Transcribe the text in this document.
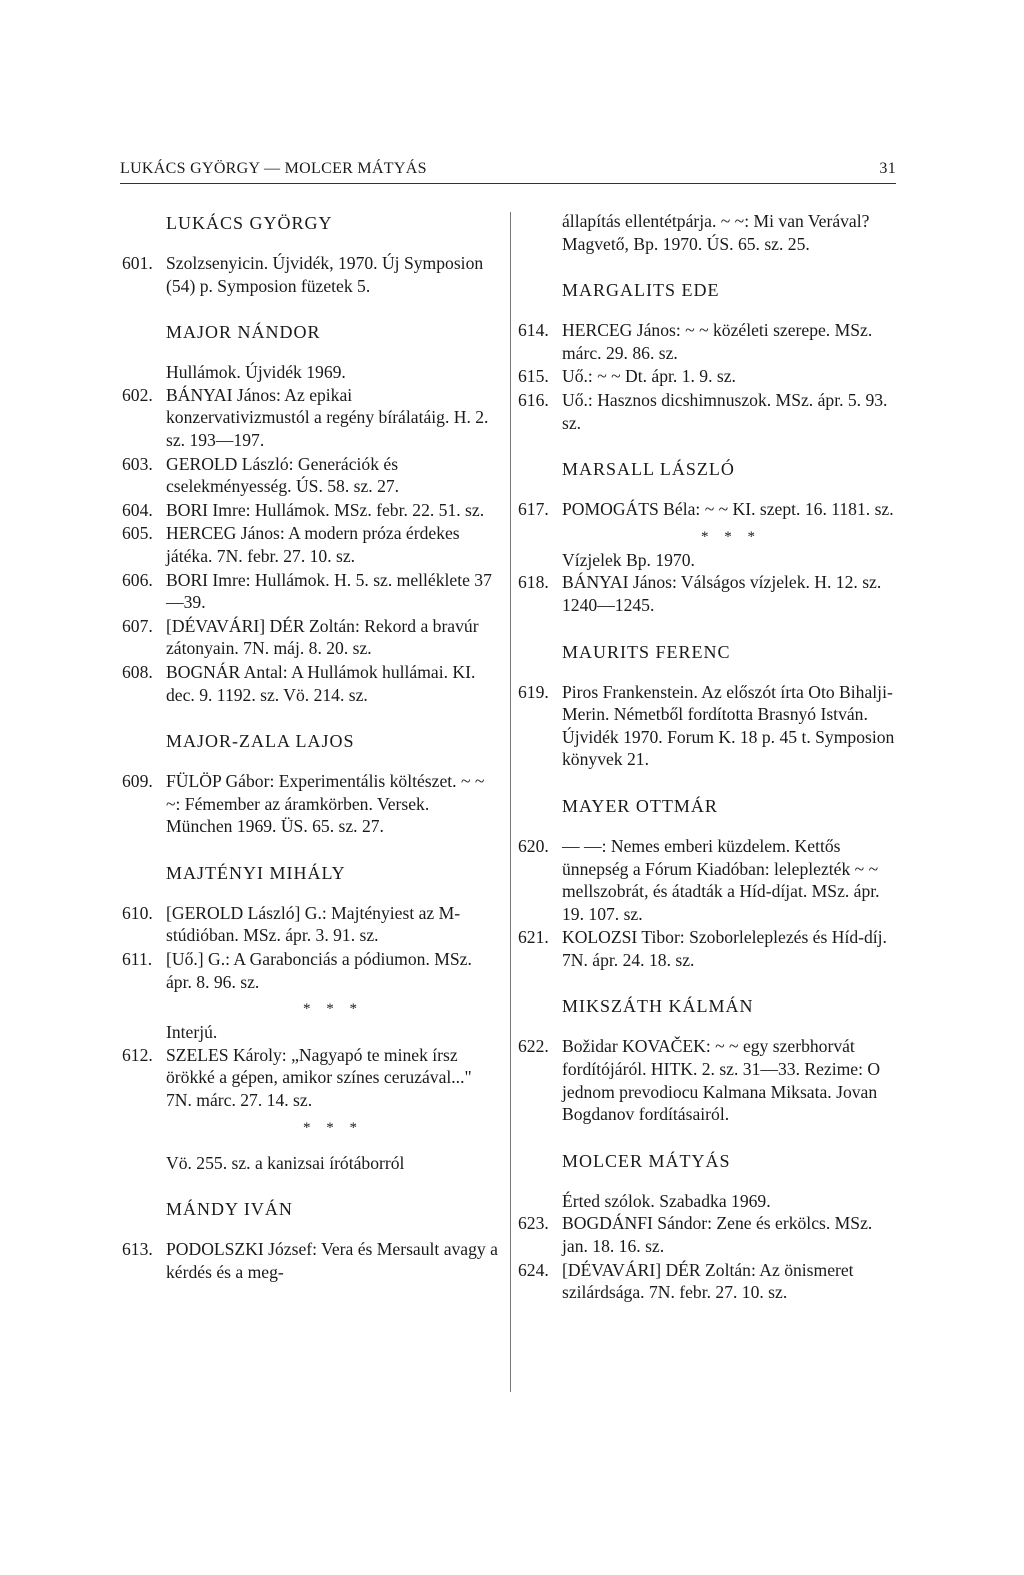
LUKÁCS GYÖRGY — MOLCER MÁTYÁS	31
LUKÁCS GYÖRGY
601. Szolzsenyicin. Újvidék, 1970. Új Symposion (54) p. Symposion füzetek 5.
MAJOR NÁNDOR
Hullámok. Újvidék 1969.
602. BÁNYAI János: Az epikai konzervativizmustól a regény bírálatáig. H. 2. sz. 193—197.
603. GEROLD László: Generációk és cselekményesség. ÚS. 58. sz. 27.
604. BORI Imre: Hullámok. MSz. febr. 22. 51. sz.
605. HERCEG János: A modern próza érdekes játéka. 7N. febr. 27. 10. sz.
606. BORI Imre: Hullámok. H. 5. sz. melléklete 37—39.
607. [DÉVAVÁRI] DÉR Zoltán: Rekord a bravúr zátonyain. 7N. máj. 8. 20. sz.
608. BOGNÁR Antal: A Hullámok hullámai. KI. dec. 9. 1192. sz. Vö. 214. sz.
MAJOR-ZALA LAJOS
609. FÜLÖP Gábor: Experimentális költészet. ~ ~ ~: Fémember az áramkörben. Versek. München 1969. ÜS. 65. sz. 27.
MAJTÉNYI MIHÁLY
610. [GEROLD László] G.: Majtényiest az M-stúdióban. MSz. ápr. 3. 91. sz.
611. [Uő.] G.: A Garabonciás a pódiumon. MSz. ápr. 8. 96. sz.
* * *
Interjú.
612. SZELES Károly: „Nagyapó te minek írsz örökké a gépen, amikor színes ceruzával..." 7N. márc. 27. 14. sz.
* * *
Vö. 255. sz. a kanizsai írótáborról
MÁNDY IVÁN
613. PODOLSZKI József: Vera és Mersault avagy a kérdés és a meg-
állapítás ellentétpárja. ~ ~: Mi van Verával? Magvető, Bp. 1970. ÚS. 65. sz. 25.
MARGALITS EDE
614. HERCEG János: ~ ~ közéleti szerepe. MSz. márc. 29. 86. sz.
615. Uő.: ~ ~ Dt. ápr. 1. 9. sz.
616. Uő.: Hasznos dicshimnuszok. MSz. ápr. 5. 93. sz.
MARSALL LÁSZLÓ
617. POMOGÁTS Béla: ~ ~ KI. szept. 16. 1181. sz.
* * *
Vízjelek Bp. 1970.
618. BÁNYAI János: Válságos vízjelek. H. 12. sz. 1240—1245.
MAURITS FERENC
619. Piros Frankenstein. Az előszót írta Oto Bihalji-Merin. Németből fordította Brasnyó István. Újvidék 1970. Forum K. 18 p. 45 t. Symposion könyvek 21.
MAYER OTTMÁR
620. — —: Nemes emberi küzdelem. Kettős ünnepség a Fórum Kiadóban: leleplezték ~ ~ mellszobrát, és átadták a Híd-díjat. MSz. ápr. 19. 107. sz.
621. KOLOZSI Tibor: Szoborleleplezés és Híd-díj. 7N. ápr. 24. 18. sz.
MIKSZÁTH KÁLMÁN
622. Božidar KOVAČEK: ~ ~ egy szerbhorvát fordítójáról. HITK. 2. sz. 31—33. Rezime: O jednom prevodiocu Kalmana Miksata. Jovan Bogdanov fordításairól.
MOLCER MÁTYÁS
Érted szólok. Szabadka 1969.
623. BOGDÁNFI Sándor: Zene és erkölcs. MSz. jan. 18. 16. sz.
624. [DÉVAVÁRI] DÉR Zoltán: Az önismeret szilárdsága. 7N. febr. 27. 10. sz.
